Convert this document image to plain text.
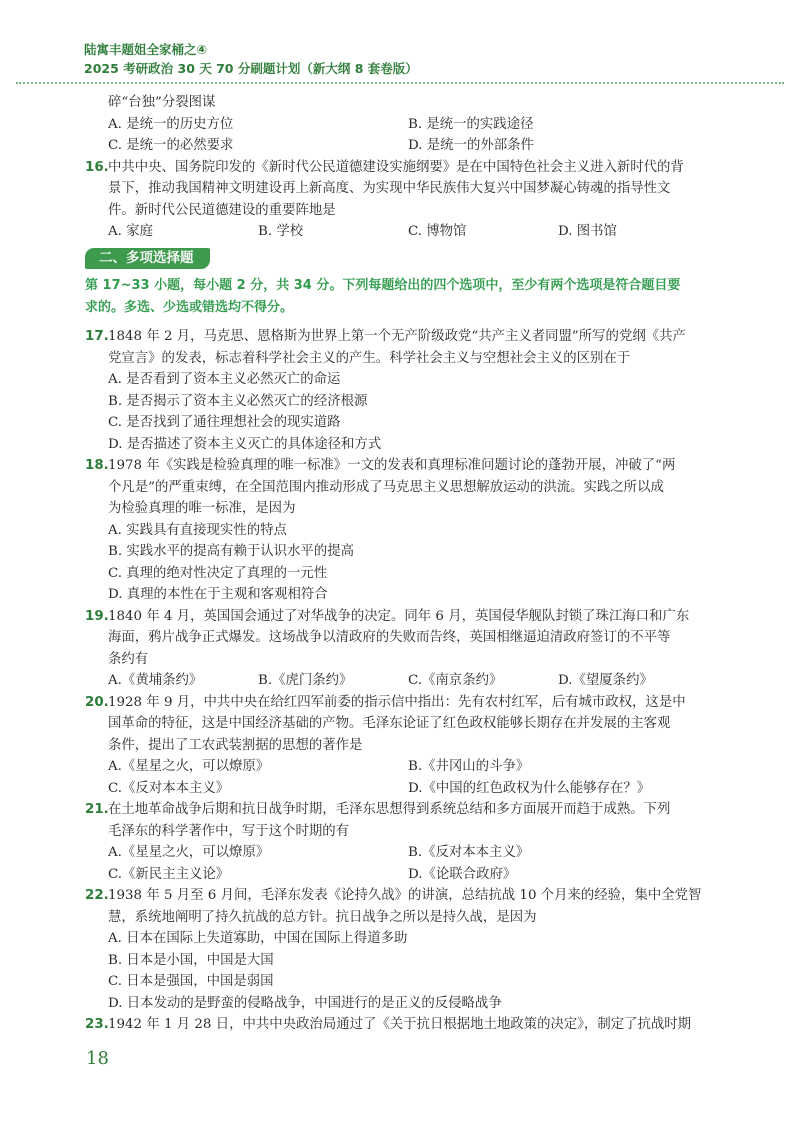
陆寓丰题姐全家桶之④
2025 考研政治 30 天 70 分刷题计划（新大纲 8 套卷版）
碎“台独”分裂图谋
A. 是统一的历史方位	B. 是统一的实践途径
C. 是统一的必然要求	D. 是统一的外部条件
16. 中共中央、国务院印发的《新时代公民道德建设实施纲要》是在中国特色社会主义进入新时代的背
景下，推动我国精神文明建设再上新高度、为实现中华民族伟大复兴中国梦凝心铸魂的指导性文
件。新时代公民道德建设的重要阵地是
A. 家庭	B. 学校	C. 博物馆	D. 图书馆
二、多项选择题
第 17~33 小题，每小题 2 分，共 34 分。下列每题给出的四个选项中，至少有两个选项是符合题目要
求的。多选、少选或错选均不得分。
17. 1848 年 2 月，马克思、恩格斯为世界上第一个无产阶级政党“共产主义者同盟”所写的党纲《共产
党宣言》的发表，标志着科学社会主义的产生。科学社会主义与空想社会主义的区别在于
A. 是否看到了资本主义必然灭亡的命运
B. 是否揭示了资本主义必然灭亡的经济根源
C. 是否找到了通往理想社会的现实道路
D. 是否描述了资本主义灭亡的具体途径和方式
18. 1978 年《实践是检验真理的唯一标准》一文的发表和真理标准问题讨论的蓬勃开展，冲破了“两
个凡是”的严重束缚，在全国范围内推动形成了马克思主义思想解放运动的洪流。实践之所以成
为检验真理的唯一标准，是因为
A. 实践具有直接现实性的特点
B. 实践水平的提高有赖于认识水平的提高
C. 真理的绝对性决定了真理的一元性
D. 真理的本性在于主观和客观相符合
19. 1840 年 4 月，英国国会通过了对华战争的决定。同年 6 月，英国侵华舰队封锁了珠江海口和广东
海面，鸦片战争正式爆发。这场战争以清政府的失败而告终，英国相继逼迫清政府签订的不平等
条约有
A.《黄埔条约》	B.《虎门条约》	C.《南京条约》	D.《望厦条约》
20. 1928 年 9 月，中共中央在给红四军前委的指示信中指出：先有农村红军，后有城市政权，这是中
国革命的特征，这是中国经济基础的产物。毛泽东论证了红色政权能够长期存在并发展的主客观
条件，提出了工农武装割据的思想的著作是
A.《星星之火，可以燎原》	B.《井冈山的斗争》
C.《反对本本主义》	D.《中国的红色政权为什么能够存在？》
21. 在土地革命战争后期和抗日战争时期，毛泽东思想得到系统总结和多方面展开而趋于成熟。下列
毛泽东的科学著作中，写于这个时期的有
A.《星星之火，可以燎原》	B.《反对本本主义》
C.《新民主主义论》	D.《论联合政府》
22. 1938 年 5 月至 6 月间，毛泽东发表《论持久战》的讲演，总结抗战 10 个月来的经验，集中全党智
慧，系统地阐明了持久抗战的总方针。抗日战争之所以是持久战，是因为
A. 日本在国际上失道寡助，中国在国际上得道多助
B. 日本是小国，中国是大国
C. 日本是强国，中国是弱国
D. 日本发动的是野蛮的侵略战争，中国进行的是正义的反侵略战争
23. 1942 年 1 月 28 日，中共中央政治局通过了《关于抗日根据地土地政策的决定》，制定了抗战时期
18
